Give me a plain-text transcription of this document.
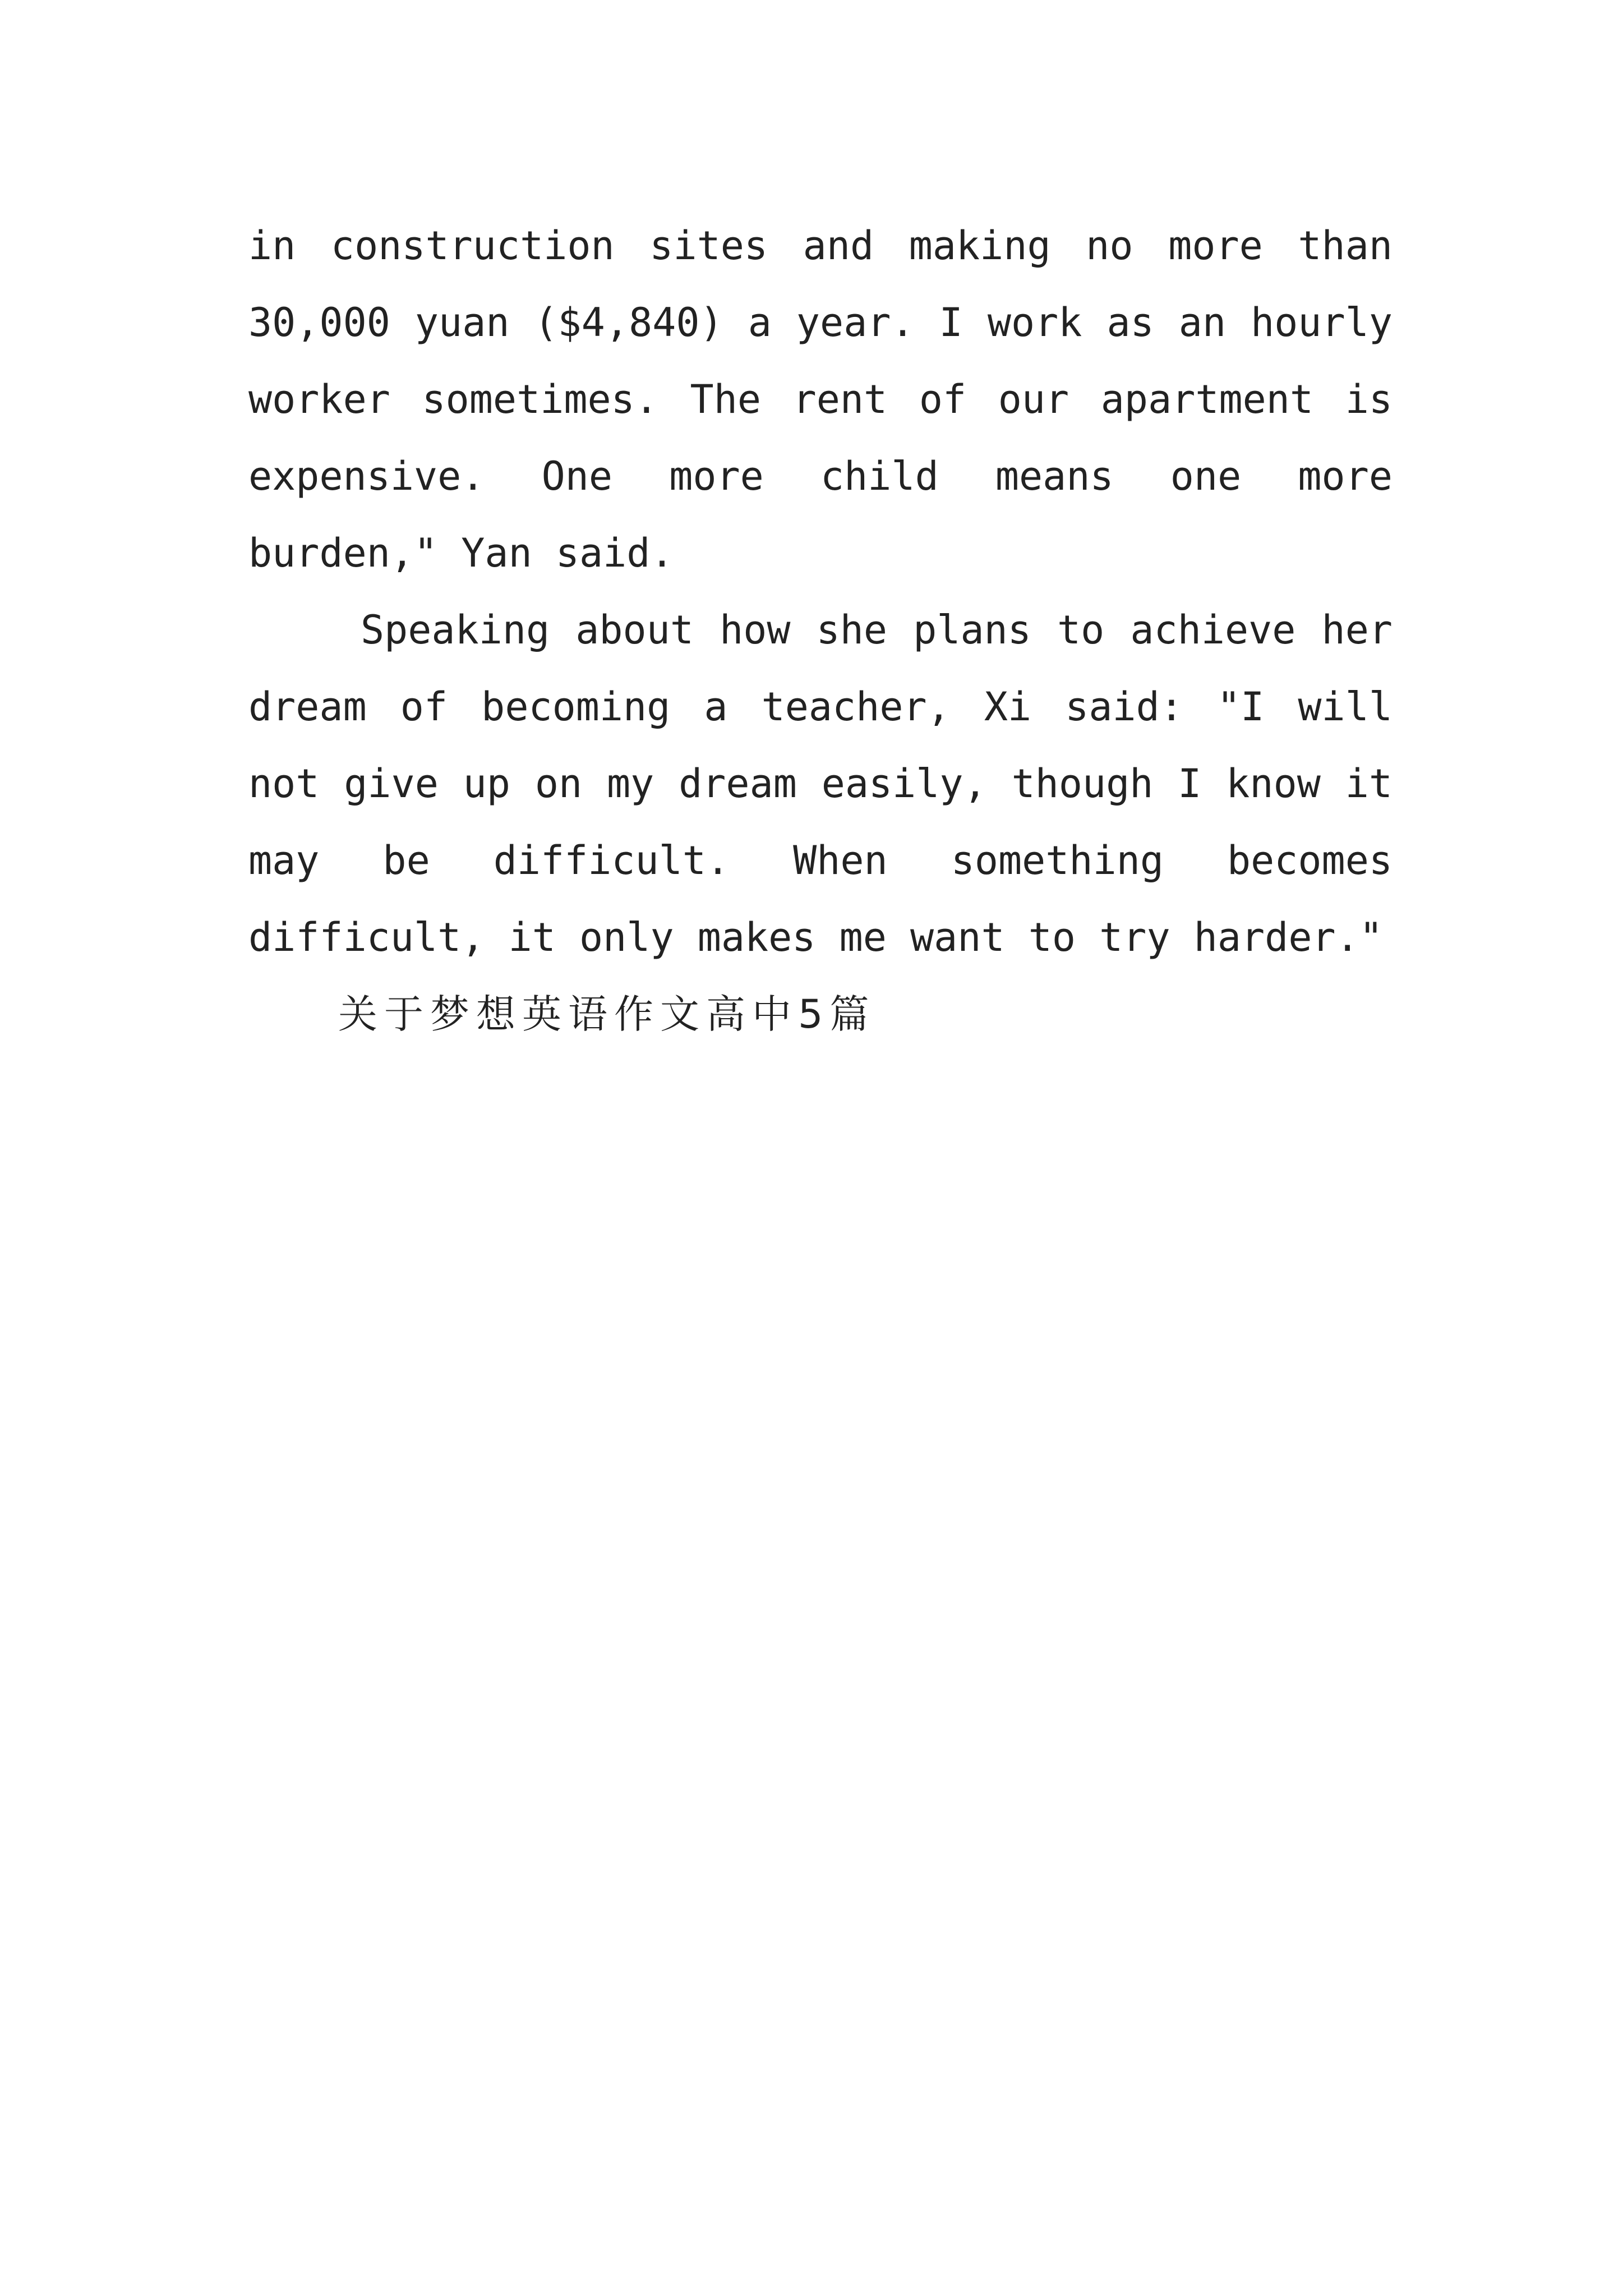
in construction sites and making no more than 30,000 yuan ($4,840) a year. I work as an hourly worker sometimes. The rent of our apartment is expensive. One more child means one more burden," Yan said.

Speaking about how she plans to achieve her dream of becoming a teacher, Xi said: "I will not give up on my dream easily, though I know it may be difficult. When something becomes difficult, it only makes me want to try harder."

关于梦想英语作文高中5篇
